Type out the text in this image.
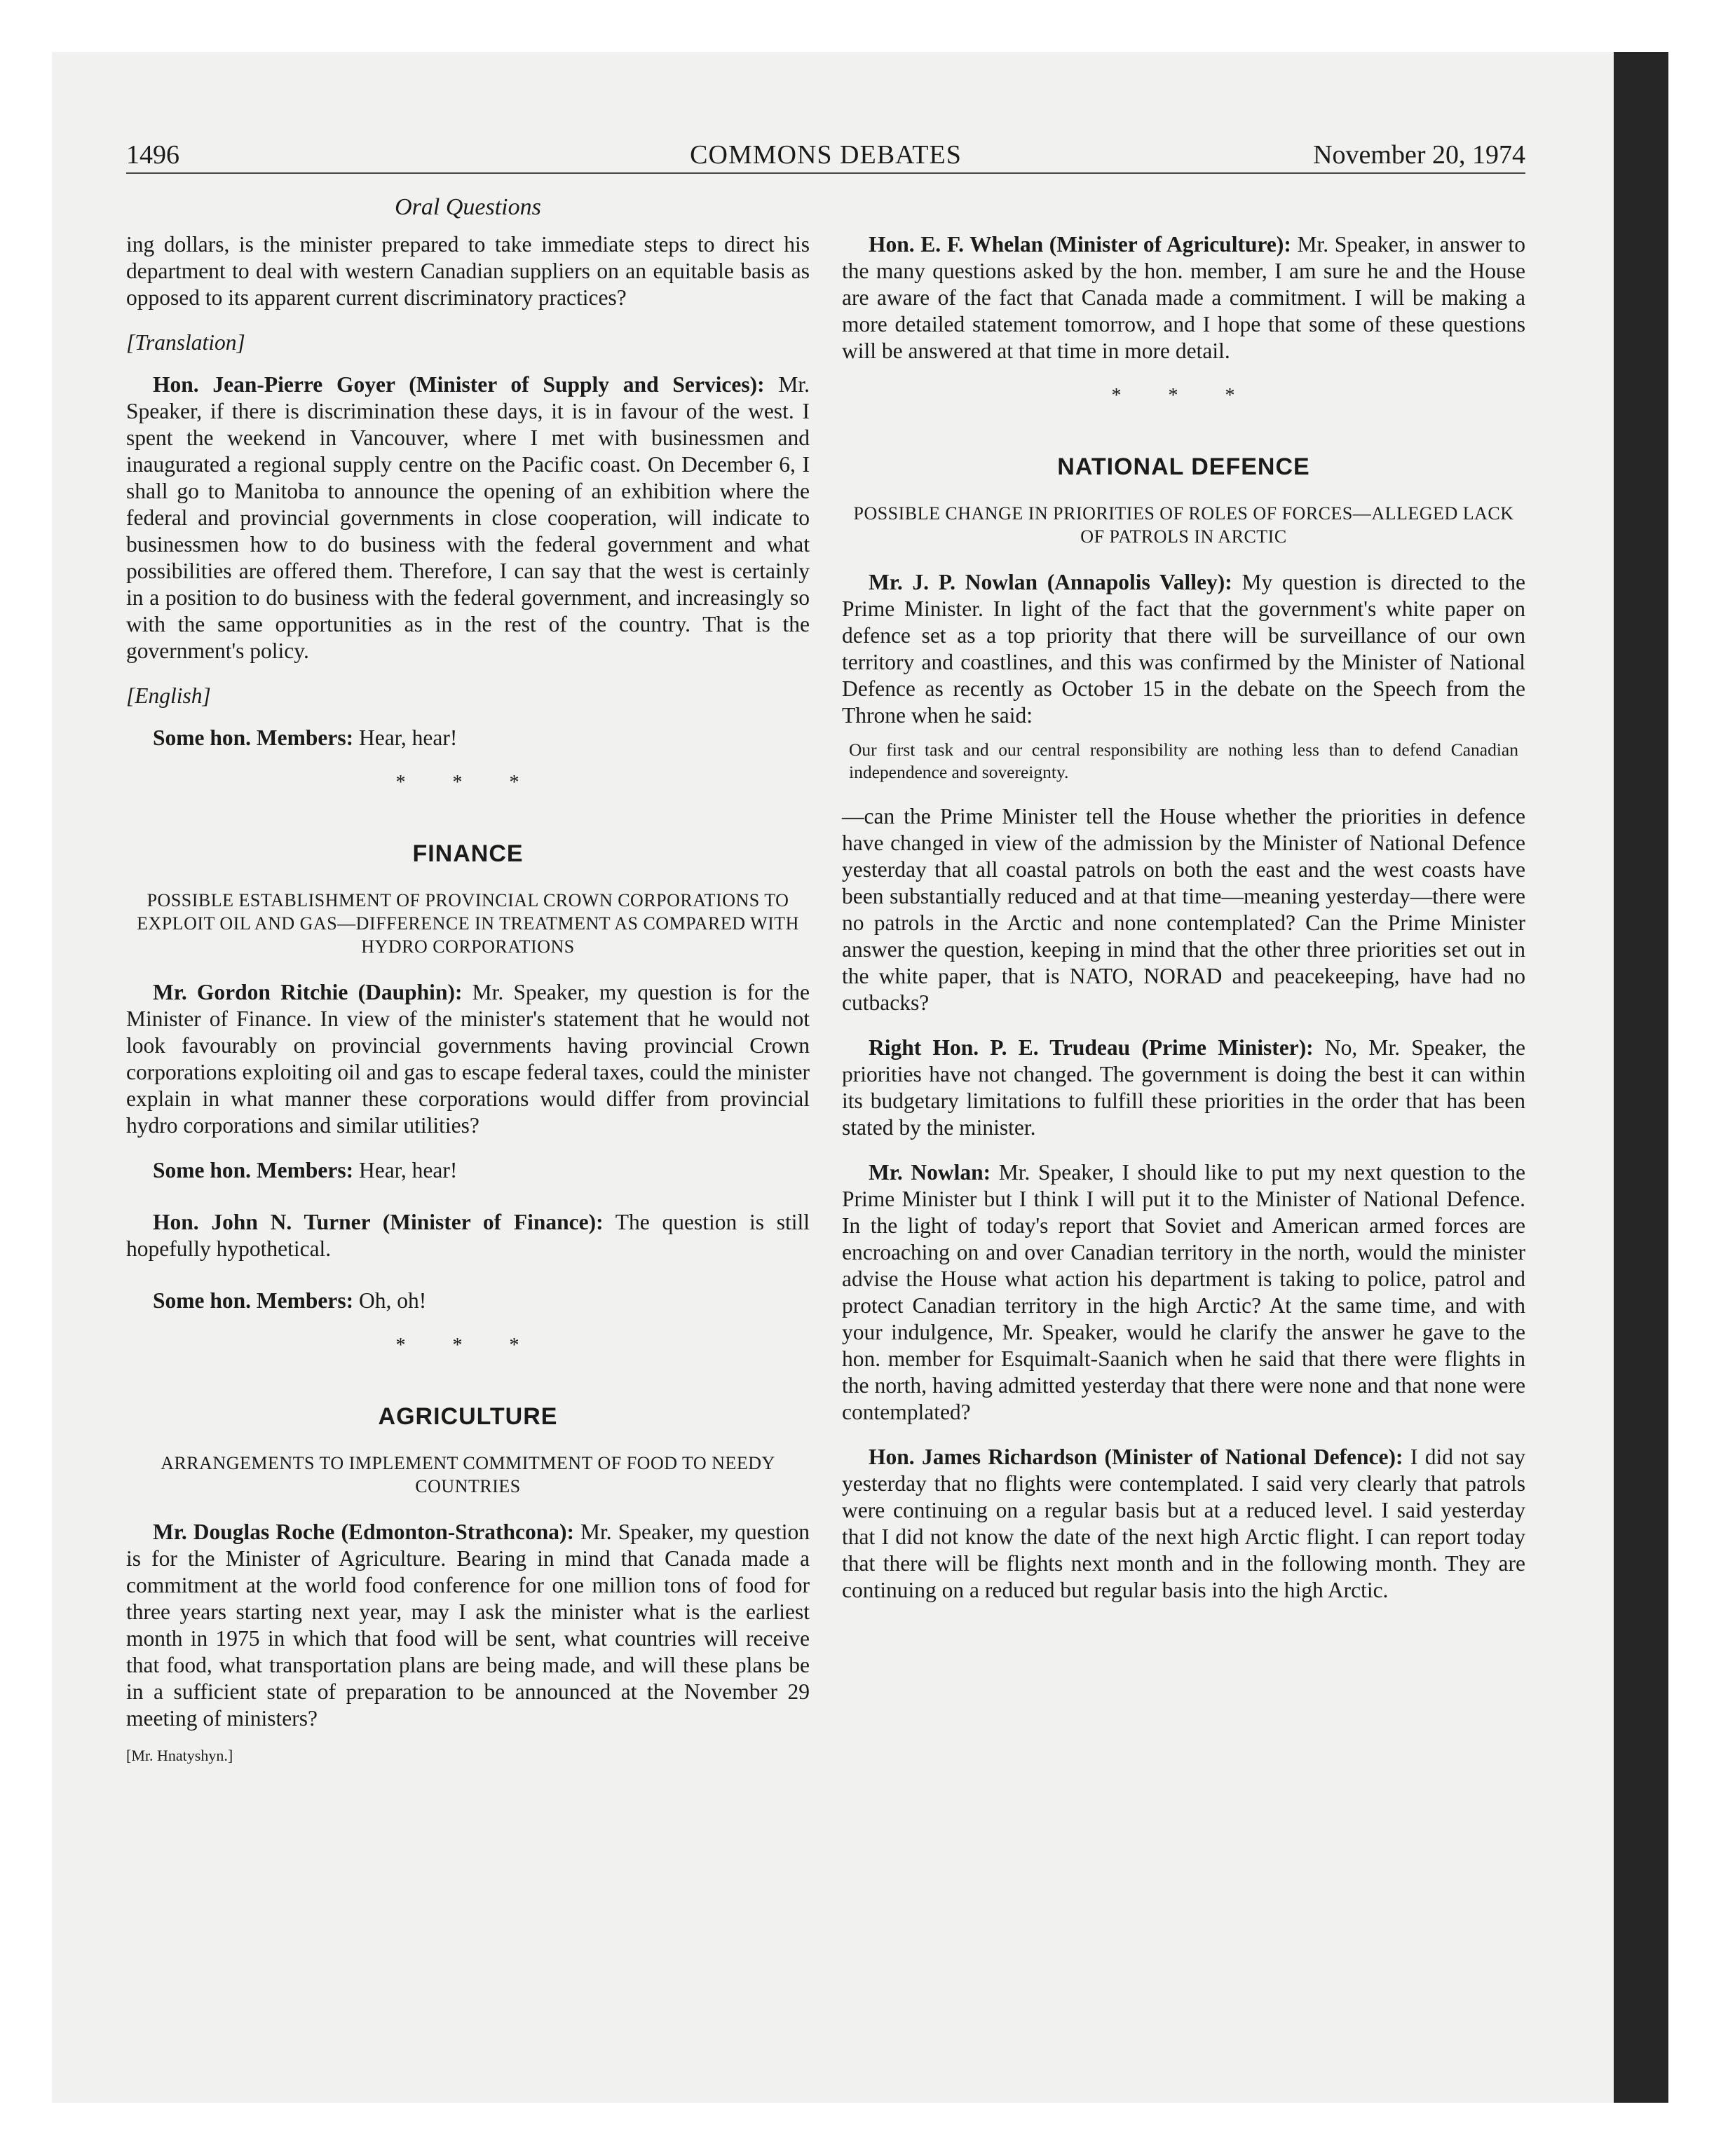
1496	COMMONS DEBATES	November 20, 1974
Oral Questions

ing dollars, is the minister prepared to take immediate steps to direct his department to deal with western Canadian suppliers on an equitable basis as opposed to its apparent current discriminatory practices?

[Translation]

Hon. Jean-Pierre Goyer (Minister of Supply and Services): Mr. Speaker, if there is discrimination these days, it is in favour of the west. I spent the weekend in Vancouver, where I met with businessmen and inaugurated a regional supply centre on the Pacific coast. On December 6, I shall go to Manitoba to announce the opening of an exhibition where the federal and provincial governments in close cooperation, will indicate to businessmen how to do business with the federal government and what possibilities are offered them. Therefore, I can say that the west is certainly in a position to do business with the federal government, and increasingly so with the same opportunities as in the rest of the country. That is the government's policy.

[English]

Some hon. Members: Hear, hear!

* * *
FINANCE
POSSIBLE ESTABLISHMENT OF PROVINCIAL CROWN CORPORATIONS TO EXPLOIT OIL AND GAS—DIFFERENCE IN TREATMENT AS COMPARED WITH HYDRO CORPORATIONS

Mr. Gordon Ritchie (Dauphin): Mr. Speaker, my question is for the Minister of Finance. In view of the minister's statement that he would not look favourably on provincial governments having provincial Crown corporations exploiting oil and gas to escape federal taxes, could the minister explain in what manner these corporations would differ from provincial hydro corporations and similar utilities?

Some hon. Members: Hear, hear!

Hon. John N. Turner (Minister of Finance): The question is still hopefully hypothetical.

Some hon. Members: Oh, oh!

* * *
AGRICULTURE
ARRANGEMENTS TO IMPLEMENT COMMITMENT OF FOOD TO NEEDY COUNTRIES

Mr. Douglas Roche (Edmonton-Strathcona): Mr. Speaker, my question is for the Minister of Agriculture. Bearing in mind that Canada made a commitment at the world food conference for one million tons of food for three years starting next year, may I ask the minister what is the earliest month in 1975 in which that food will be sent, what countries will receive that food, what transportation plans are being made, and will these plans be in a sufficient state of preparation to be announced at the November 29 meeting of ministers?

[Mr. Hnatyshyn.]

Hon. E. F. Whelan (Minister of Agriculture): Mr. Speaker, in answer to the many questions asked by the hon. member, I am sure he and the House are aware of the fact that Canada made a commitment. I will be making a more detailed statement tomorrow, and I hope that some of these questions will be answered at that time in more detail.

* * *
NATIONAL DEFENCE
POSSIBLE CHANGE IN PRIORITIES OF ROLES OF FORCES—ALLEGED LACK OF PATROLS IN ARCTIC

Mr. J. P. Nowlan (Annapolis Valley): My question is directed to the Prime Minister. In light of the fact that the government's white paper on defence set as a top priority that there will be surveillance of our own territory and coastlines, and this was confirmed by the Minister of National Defence as recently as October 15 in the debate on the Speech from the Throne when he said:

Our first task and our central responsibility are nothing less than to defend Canadian independence and sovereignty.

—can the Prime Minister tell the House whether the priorities in defence have changed in view of the admission by the Minister of National Defence yesterday that all coastal patrols on both the east and the west coasts have been substantially reduced and at that time—meaning yesterday—there were no patrols in the Arctic and none contemplated? Can the Prime Minister answer the question, keeping in mind that the other three priorities set out in the white paper, that is NATO, NORAD and peacekeeping, have had no cutbacks?

Right Hon. P. E. Trudeau (Prime Minister): No, Mr. Speaker, the priorities have not changed. The government is doing the best it can within its budgetary limitations to fulfill these priorities in the order that has been stated by the minister.

Mr. Nowlan: Mr. Speaker, I should like to put my next question to the Prime Minister but I think I will put it to the Minister of National Defence. In the light of today's report that Soviet and American armed forces are encroaching on and over Canadian territory in the north, would the minister advise the House what action his department is taking to police, patrol and protect Canadian territory in the high Arctic? At the same time, and with your indulgence, Mr. Speaker, would he clarify the answer he gave to the hon. member for Esquimalt-Saanich when he said that there were flights in the north, having admitted yesterday that there were none and that none were contemplated?

Hon. James Richardson (Minister of National Defence): I did not say yesterday that no flights were contemplated. I said very clearly that patrols were continuing on a regular basis but at a reduced level. I said yesterday that I did not know the date of the next high Arctic flight. I can report today that there will be flights next month and in the following month. They are continuing on a reduced but regular basis into the high Arctic.
